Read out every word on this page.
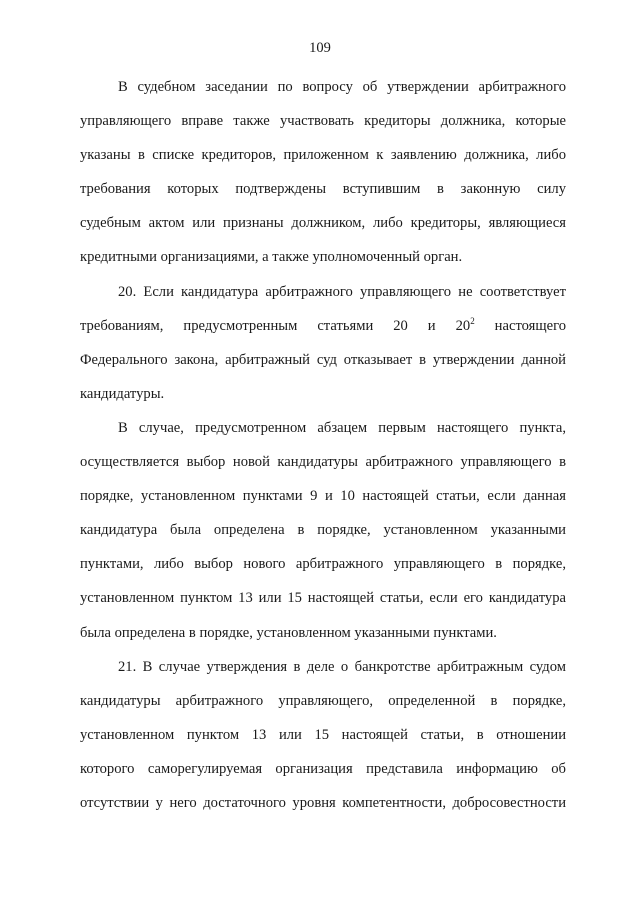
109

В судебном заседании по вопросу об утверждении арбитражного
управляющего вправе также участвовать кредиторы должника, которые
указаны в списке кредиторов, приложенном к заявлению должника, либо
требования которых подтверждены вступившим в законную силу
судебным актом или признаны должником, либо кредиторы, являющиеся
кредитными организациями, а также уполномоченный орган.

20. Если кандидатура арбитражного управляющего не соответствует
требованиям, предусмотренным статьями 20 и $20^2$ настоящего
Федерального закона, арбитражный суд отказывает в утверждении данной
кандидатуры.

В случае, предусмотренном абзацем первым настоящего пункта,
осуществляется выбор новой кандидатуры арбитражного управляющего в
порядке, установленном пунктами 9 и 10 настоящей статьи, если данная
кандидатура была определена в порядке, установленном указанными
пунктами, либо выбор нового арбитражного управляющего в порядке,
установленном пунктом 13 или 15 настоящей статьи, если его кандидатура
была определена в порядке, установленном указанными пунктами.

21. В случае утверждения в деле о банкротстве арбитражным судом
кандидатуры арбитражного управляющего, определенной в порядке,
установленном пунктом 13 или 15 настоящей статьи, в отношении
которого саморегулируемая организация представила информацию об
отсутствии у него достаточного уровня компетентности, добросовестности
